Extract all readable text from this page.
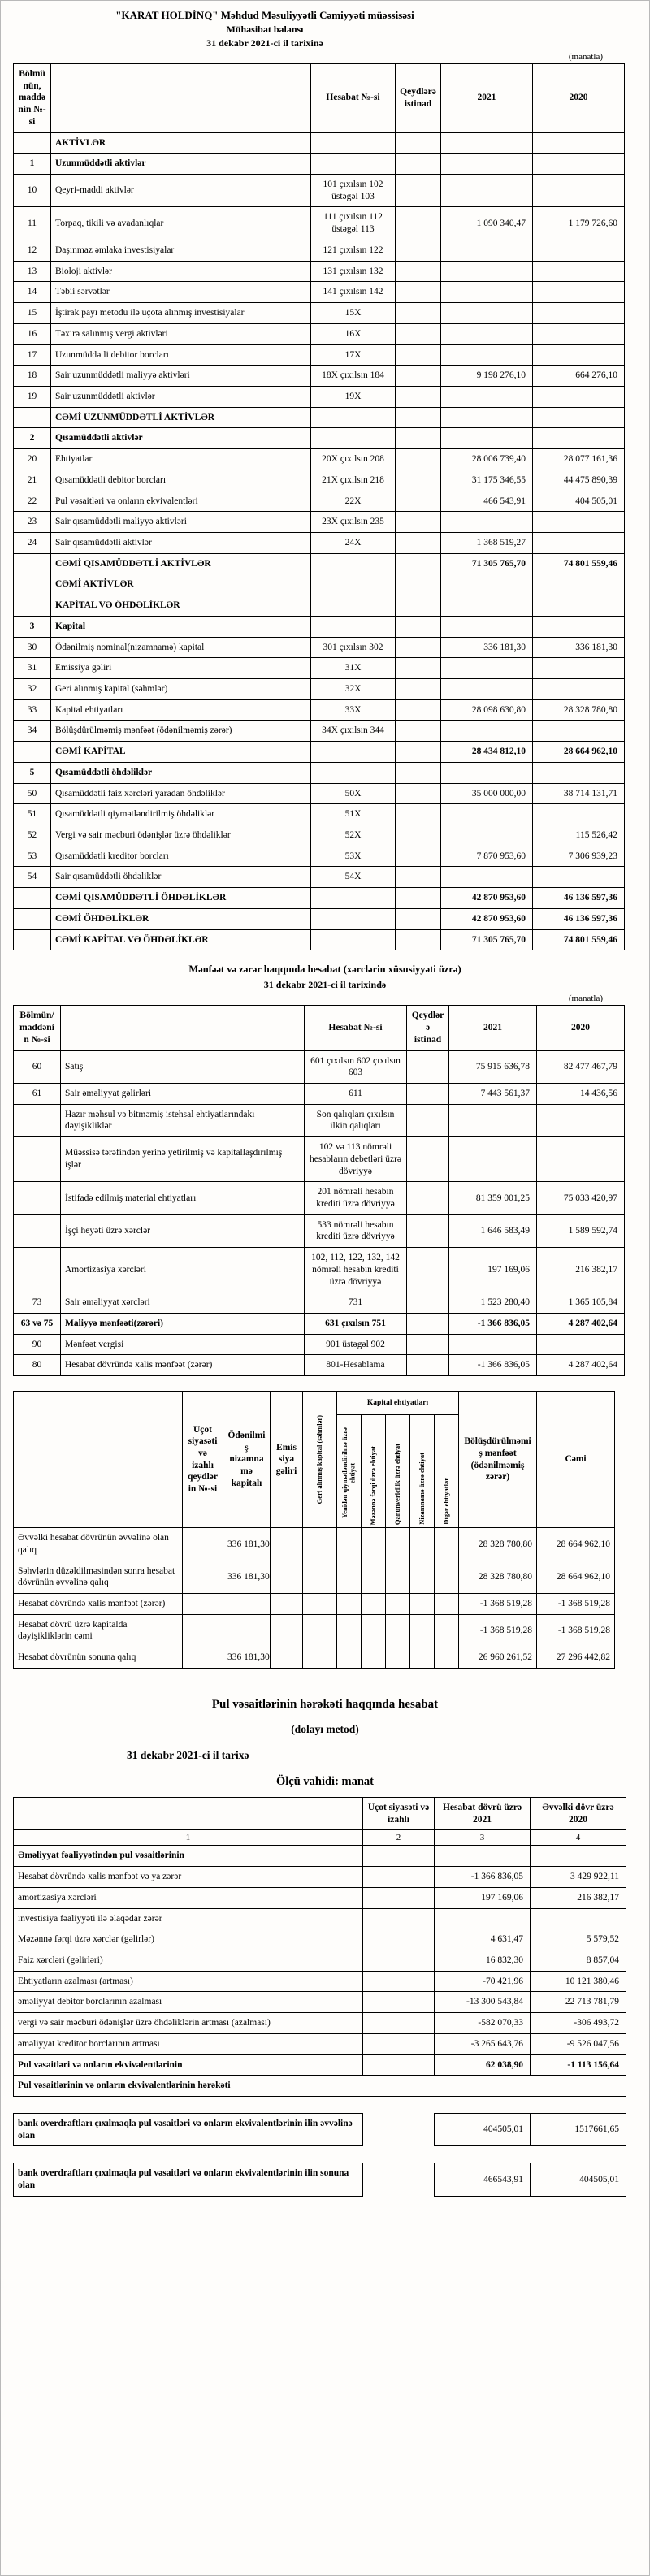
"KARAT HOLDİNQ" Məhdud Məsuliyyətli Cəmiyyəti müəssisəsi
Mühasibat balansı
31 dekabr 2021-ci il tarixinə
(manatla)
Bölmünün, maddənin №-si		Hesabat №-si	Qeydlərə istinad	2021	2020
	AKTİVLƏR				
1	Uzunmüddətli aktivlər				
10	Qeyri-maddi aktivlər	101 çıxılsın 102 üstəgəl 103			
11	Torpaq, tikili və avadanlıqlar	111 çıxılsın 112 üstəgəl 113		1 090 340,47	1 179 726,60
12	Daşınmaz əmlaka investisiyalar	121 çıxılsın 122			
13	Bioloji aktivlər	131 çıxılsın 132			
14	Təbii sərvətlər	141 çıxılsın 142			
15	İştirak payı metodu ilə uçota alınmış investisiyalar	15X			
16	Təxirə salınmış vergi aktivləri	16X			
17	Uzunmüddətli debitor borcları	17X			
18	Sair uzunmüddətli maliyyə aktivləri	18X çıxılsın 184		9 198 276,10	664 276,10
19	Sair uzunmüddətli aktivlər	19X			
	CƏMİ UZUNMÜDDƏTLİ AKTİVLƏR				
2	Qısamüddətli aktivlər				
20	Ehtiyatlar	20X çıxılsın 208		28 006 739,40	28 077 161,36
21	Qısamüddətli debitor borcları	21X çıxılsın 218		31 175 346,55	44 475 890,39
22	Pul vəsaitləri və onların ekvivalentləri	22X		466 543,91	404 505,01
23	Sair qısamüddətli maliyyə aktivləri	23X çıxılsın 235			
24	Sair qısamüddətli aktivlər	24X		1 368 519,27	
	CƏMİ QISAMÜDDƏTLİ AKTİVLƏR			71 305 765,70	74 801 559,46
	CƏMİ AKTİVLƏR				
	KAPİTAL VƏ ÖHDƏLİKLƏR				
3	Kapital				
30	Ödənilmiş nominal(nizamnamə) kapital	301 çıxılsın 302		336 181,30	336 181,30
31	Emissiya gəliri	31X			
32	Geri alınmış kapital (səhmlər)	32X			
33	Kapital ehtiyatları	33X		28 098 630,80	28 328 780,80
34	Bölüşdürülməmiş mənfəət (ödənilməmiş zərər)	34X çıxılsın 344			
	CƏMİ KAPİTAL			28 434 812,10	28 664 962,10
5	Qısamüddətli öhdəliklər				
50	Qısamüddətli faiz xərcləri yaradan öhdəliklər	50X		35 000 000,00	38 714 131,71
51	Qısamüddətli qiymətləndirilmiş öhdəliklər	51X			
52	Vergi və sair məcburi ödənişlər üzrə öhdəliklər	52X			115 526,42
53	Qısamüddətli kreditor borcları	53X		7 870 953,60	7 306 939,23
54	Sair qısamüddətli öhdəliklər	54X			
	CƏMİ QISAMÜDDƏTLİ ÖHDƏLİKLƏR			42 870 953,60	46 136 597,36
	CƏMİ ÖHDƏLİKLƏR			42 870 953,60	46 136 597,36
	CƏMİ KAPİTAL VƏ ÖHDƏLİKLƏR			71 305 765,70	74 801 559,46
Mənfəət və zərər haqqında hesabat (xərclərin xüsusiyyəti üzrə)
31 dekabr 2021-ci il tarixində
(manatla)
Bölmün/maddənin №-si		Hesabat №-si	Qeydlərə istinad	2021	2020
60	Satış	601 çıxılsın 602 çıxılsın 603		75 915 636,78	82 477 467,79
61	Sair əməliyyat gəlirləri	611		7 443 561,37	14 436,56
	Hazır məhsul və bitməmiş istehsal ehtiyatlarındakı dəyişikliklər	Son qalıqları çıxılsın ilkin qalıqları			
	Müəssisə tərəfindən yerinə yetirilmiş və kapitallaşdırılmış işlər	102 və 113 nömrəli hesabların debetləri üzrə dövriyyə			
	İstifadə edilmiş material ehtiyatları	201 nömrəli hesabın krediti üzrə dövriyyə		81 359 001,25	75 033 420,97
	İşçi heyəti üzrə xərclər	533 nömrəli hesabın krediti üzrə dövriyyə		1 646 583,49	1 589 592,74
	Amortizasiya xərcləri	102, 112, 122, 132, 142 nömrəli hesabın krediti üzrə dövriyyə		197 169,06	216 382,17
73	Sair əməliyyat xərcləri	731		1 523 280,40	1 365 105,84
63 və 75	Maliyyə mənfəəti(zərəri)	631 çıxılsın 751		-1 366 836,05	4 287 402,64
90	Mənfəət vergisi	901 üstəgəl 902			
80	Hesabat dövründə xalis mənfəət (zərər)	801-Hesablama		-1 366 836,05	4 287 402,64
	Uçot siyasəti və izahlı qeydlərin №-si	Ödənilmiş nizamnamə kapitalı	Emissiya gəliri	Geri alınmış kapital (səhmlər)	Kapital ehtiyatları					Bölüşdürülməmiş mənfəət (ödənilməmiş zərər)	Cəmi

					Yenidən qiymətləndirilmə üzrə ehtiyat	Məzənnə fərqi üzrə ehtiyat	Qanunvericilik üzrə ehtiyat	Nizamnamə üzrə ehtiyat	Digər ehtiyatlar		

Əvvəlki hesabat dövrünün əvvəlinə olan qalıq		336 181,30								28 328 780,80	28 664 962,10
Səhvlərin düzəldilməsindən sonra hesabat dövrünün əvvəlinə qalıq		336 181,30								28 328 780,80	28 664 962,10
Hesabat dövründə xalis mənfəət (zərər)										-1 368 519,28	-1 368 519,28
Hesabat dövrü üzrə kapitalda dəyişikliklərin cəmi										-1 368 519,28	-1 368 519,28
Hesabat dövrünün sonuna qalıq		336 181,30								26 960 261,52	27 296 442,82
Pul vəsaitlərinin hərəkəti haqqında hesabat
(dolayı metod)
31 dekabr 2021-ci il tarixə
Ölçü vahidi: manat
	Uçot siyasəti və izahlı	Hesabat dövrü üzrə 2021	Əvvəlki dövr üzrə 2020
1	2	3	4
Əməliyyat fəaliyyətindən pul vəsaitlərinin			
Hesabat dövründə xalis mənfəət və ya zərər		-1 366 836,05	3 429 922,11
amortizasiya xərcləri		197 169,06	216 382,17
investisiya fəaliyyəti ilə əlaqədar zərər			
Məzənnə fərqi üzrə xərclər (gəlirlər)		4 631,47	5 579,52
Faiz xərcləri (gəlirləri)		16 832,30	8 857,04
Ehtiyatların azalması (artması)		-70 421,96	10 121 380,46
əməliyyat debitor borclarının azalması		-13 300 543,84	22 713 781,79
vergi və sair məcburi ödənişlər üzrə öhdəliklərin artması (azalması)		-582 070,33	-306 493,72
əməliyyat kreditor borclarının artması		-3 265 643,76	-9 526 047,56
Pul vəsaitləri və onların ekvivalentlərinin		62 038,90	-1 113 156,64
Pul vəsaitlərinin və onların ekvivalentlərinin hərəkəti			
bank overdraftları çıxılmaqla pul vəsaitləri və onların ekvivalentlərinin ilin əvvəlinə olan		404505,01	1517661,65
bank overdraftları çıxılmaqla pul vəsaitləri və onların ekvivalentlərinin ilin sonuna olan		466543,91	404505,01
